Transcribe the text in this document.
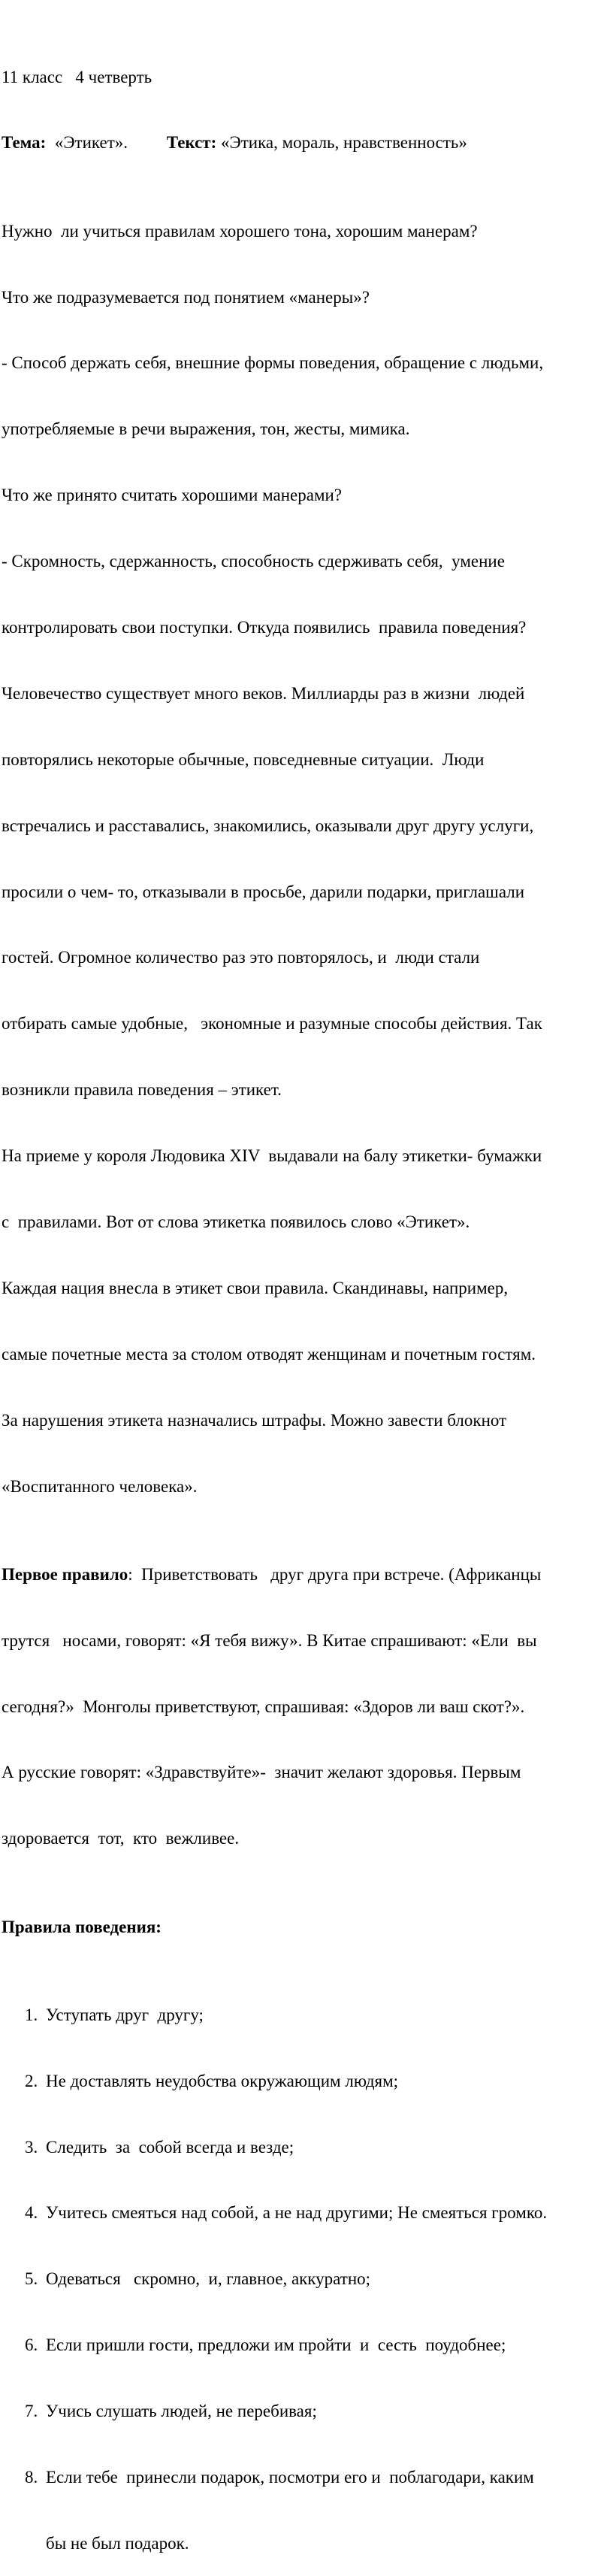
11 класс   4 четверть

Тема:  «Этикет».         Текст: «Этика, мораль, нравственность»

Нужно  ли учиться правилам хорошего тона, хорошим манерам?

Что же подразумевается под понятием «манеры»?

- Способ держать себя, внешние формы поведения, обращение с людьми,

употребляемые в речи выражения, тон, жесты, мимика.

Что же принято считать хорошими манерами?

- Скромность, сдержанность, способность сдерживать себя,  умение

контролировать свои поступки. Откуда появились  правила поведения?

Человечество существует много веков. Миллиарды раз в жизни  людей

повторялись некоторые обычные, повседневные ситуации.  Люди

встречались и расставались, знакомились, оказывали друг другу услуги,

просили о чем- то, отказывали в просьбе, дарили подарки, приглашали

гостей. Огромное количество раз это повторялось, и  люди стали

отбирать самые удобные,   экономные и разумные способы действия. Так

возникли правила поведения – этикет.

На приеме у короля Людовика XIV  выдавали на балу этикетки- бумажки

с  правилами. Вот от слова этикетка появилось слово «Этикет».

Каждая нация внесла в этикет свои правила. Скандинавы, например,

самые почетные места за столом отводят женщинам и почетным гостям.

За нарушения этикета назначались штрафы. Можно завести блокнот

«Воспитанного человека».

Первое правило:  Приветствовать   друг друга при встрече. (Африканцы

трутся   носами, говорят: «Я тебя вижу». В Китае спрашивают: «Ели  вы

сегодня?»  Монголы приветствуют, спрашивая: «Здоров ли ваш скот?».

А русские говорят: «Здравствуйте»-  значит желают здоровья. Первым

здоровается  тот,  кто  вежливее.

Правила поведения:

1. Уступать друг  другу;

2. Не доставлять неудобства окружающим людям;

3. Следить  за  собой всегда и везде;

4. Учитесь смеяться над собой, а не над другими; Не смеяться громко.

5. Одеваться   скромно,  и, главное, аккуратно;

6. Если пришли гости, предложи им пройти  и  сесть  поудобнее;

7. Учись слушать людей, не перебивая;

8. Если тебе  принесли подарок, посмотри его и  поблагодари, каким

бы не был подарок.
